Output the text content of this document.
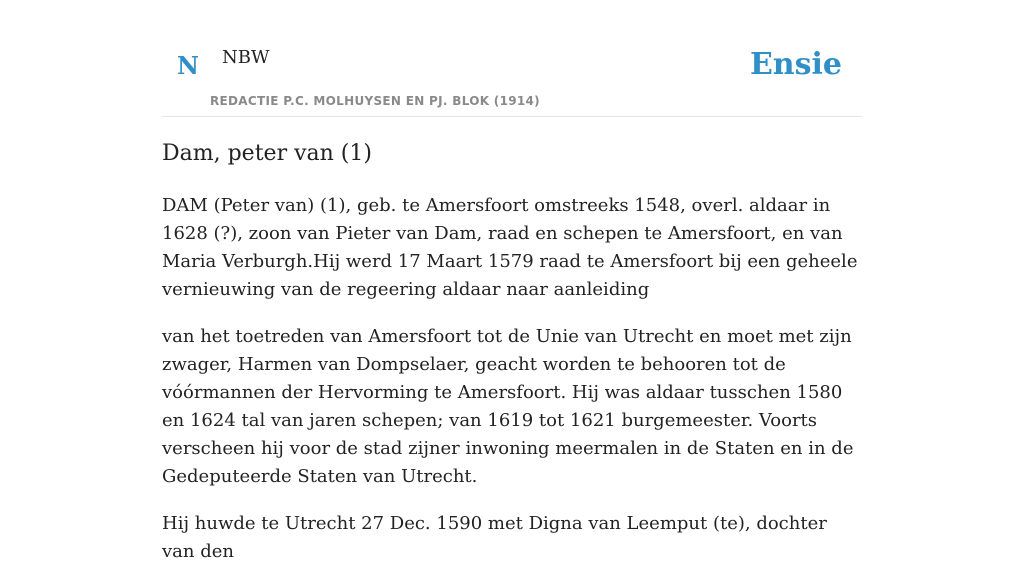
N NBW
REDACTIE P.C. MOLHUYSEN EN PJ. BLOK (1914)
Ensie
Dam, peter van (1)

DAM (Peter van) (1), geb. te Amersfoort omstreeks 1548, overl. aldaar in 1628 (?), zoon van Pieter van Dam, raad en schepen te Amersfoort, en van Maria Verburgh.Hij werd 17 Maart 1579 raad te Amersfoort bij een geheele vernieuwing van de regeering aldaar naar aanleiding

van het toetreden van Amersfoort tot de Unie van Utrecht en moet met zijn zwager, Harmen van Dompselaer, geacht worden te behooren tot de vóórmannen der Hervorming te Amersfoort. Hij was aldaar tusschen 1580 en 1624 tal van jaren schepen; van 1619 tot 1621 burgemeester. Voorts verscheen hij voor de stad zijner inwoning meermalen in de Staten en in de Gedeputeerde Staten van Utrecht.

Hij huwde te Utrecht 27 Dec. 1590 met Digna van Leemput (te), dochter van den
